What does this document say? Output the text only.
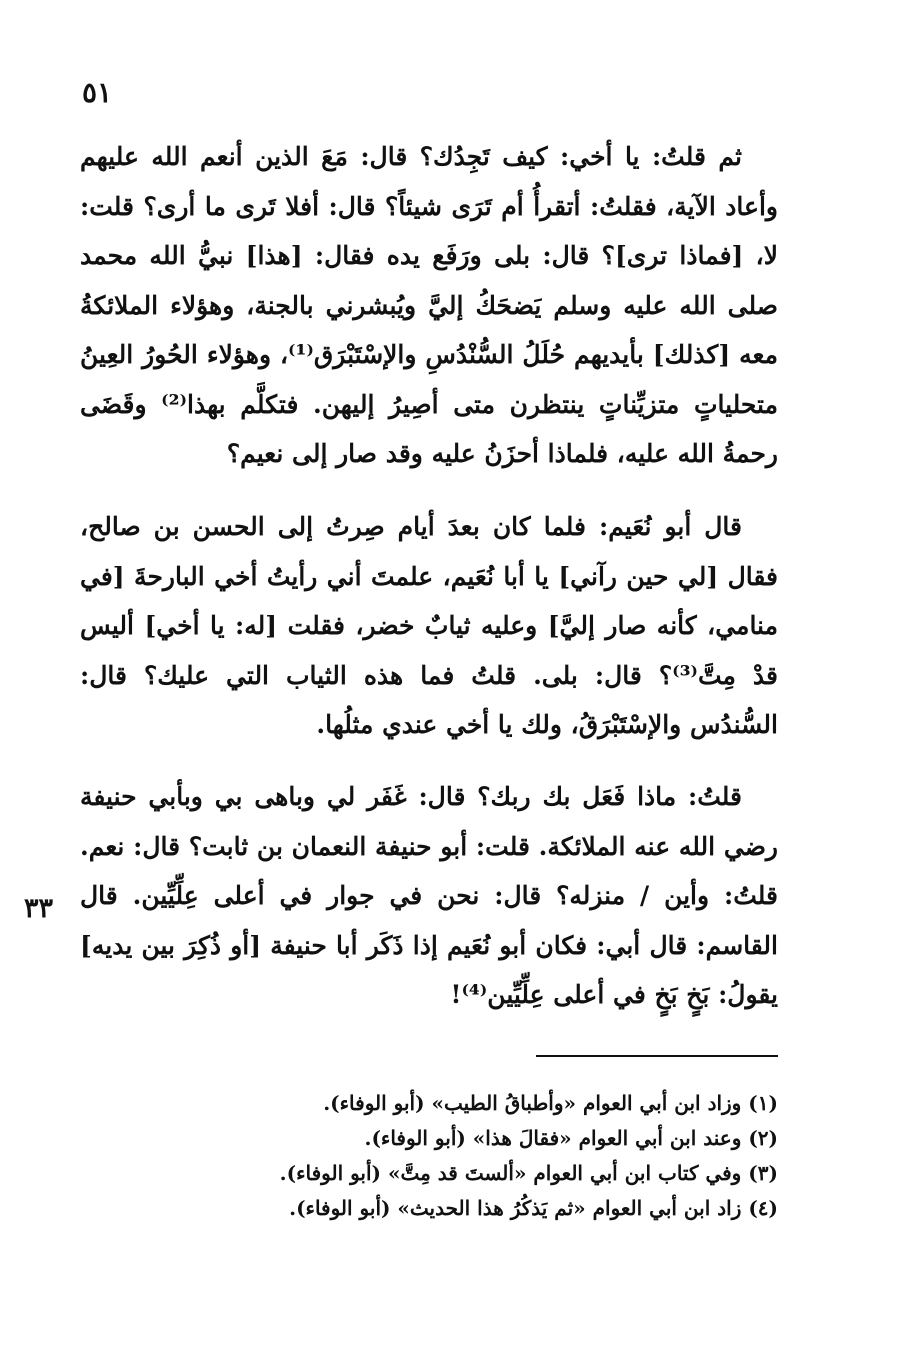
٥١
٣٣

ثم قلتُ: يا أخي: كيف تَجِدُك؟ قال: مَعَ الذين أنعم الله عليهم وأعاد الآية، فقلتُ: أتقرأُ أم تَرَى شيئاً؟ قال: أفلا تَرى ما أرى؟ قلت: لا، [فماذا ترى]؟ قال: بلى ورَفَع يده فقال: [هذا] نبيُّ الله محمد صلى الله عليه وسلم يَضحَكُ إليَّ ويُبشرني بالجنة، وهؤلاء الملائكةُ معه [كذلك] بأيديهم حُلَلُ السُّنْدُسِ والإسْتَبْرَق⁽¹⁾، وهؤلاء الحُورُ العِينُ متحلياتٍ متزيِّناتٍ ينتظرن متى أصِيرُ إليهن. فتكلَّم بهذا⁽²⁾ وقَضَى رحمةُ الله عليه، فلماذا أحزَنُ عليه وقد صار إلى نعيم؟

قال أبو نُعَيم: فلما كان بعدَ أيام صِرتُ إلى الحسن بن صالح، فقال [لي حين رآني] يا أبا نُعَيم، علمتَ أني رأيتُ أخي البارحةَ [في منامي، كأنه صار إليَّ] وعليه ثيابٌ خضر، فقلت [له: يا أخي] أليس قدْ مِتَّ⁽³⁾؟ قال: بلى. قلتُ فما هذه الثياب التي عليك؟ قال: السُّندُس والإسْتَبْرَقُ، ولك يا أخي عندي مثلُها.

قلتُ: ماذا فَعَل بك ربك؟ قال: غَفَر لي وباهى بي وبأبي حنيفة رضي الله عنه الملائكة. قلت: أبو حنيفة النعمان بن ثابت؟ قال: نعم. قلتُ: وأين / منزله؟ قال: نحن في جوار في أعلى عِلِّيِّين. قال القاسم: قال أبي: فكان أبو نُعَيم إذا ذَكَر أبا حنيفة [أو ذُكِرَ بين يديه] يقولُ: بَخٍ بَخٍ في أعلى عِلِّيِّين⁽⁴⁾!

(١) وزاد ابن أبي العوام «وأطباقُ الطيب» (أبو الوفاء).

(٢) وعند ابن أبي العوام «فقالَ هذا» (أبو الوفاء).

(٣) وفي كتاب ابن أبي العوام «ألستَ قد مِتَّ» (أبو الوفاء).

(٤) زاد ابن أبي العوام «ثم يَذكُرُ هذا الحديث» (أبو الوفاء).
